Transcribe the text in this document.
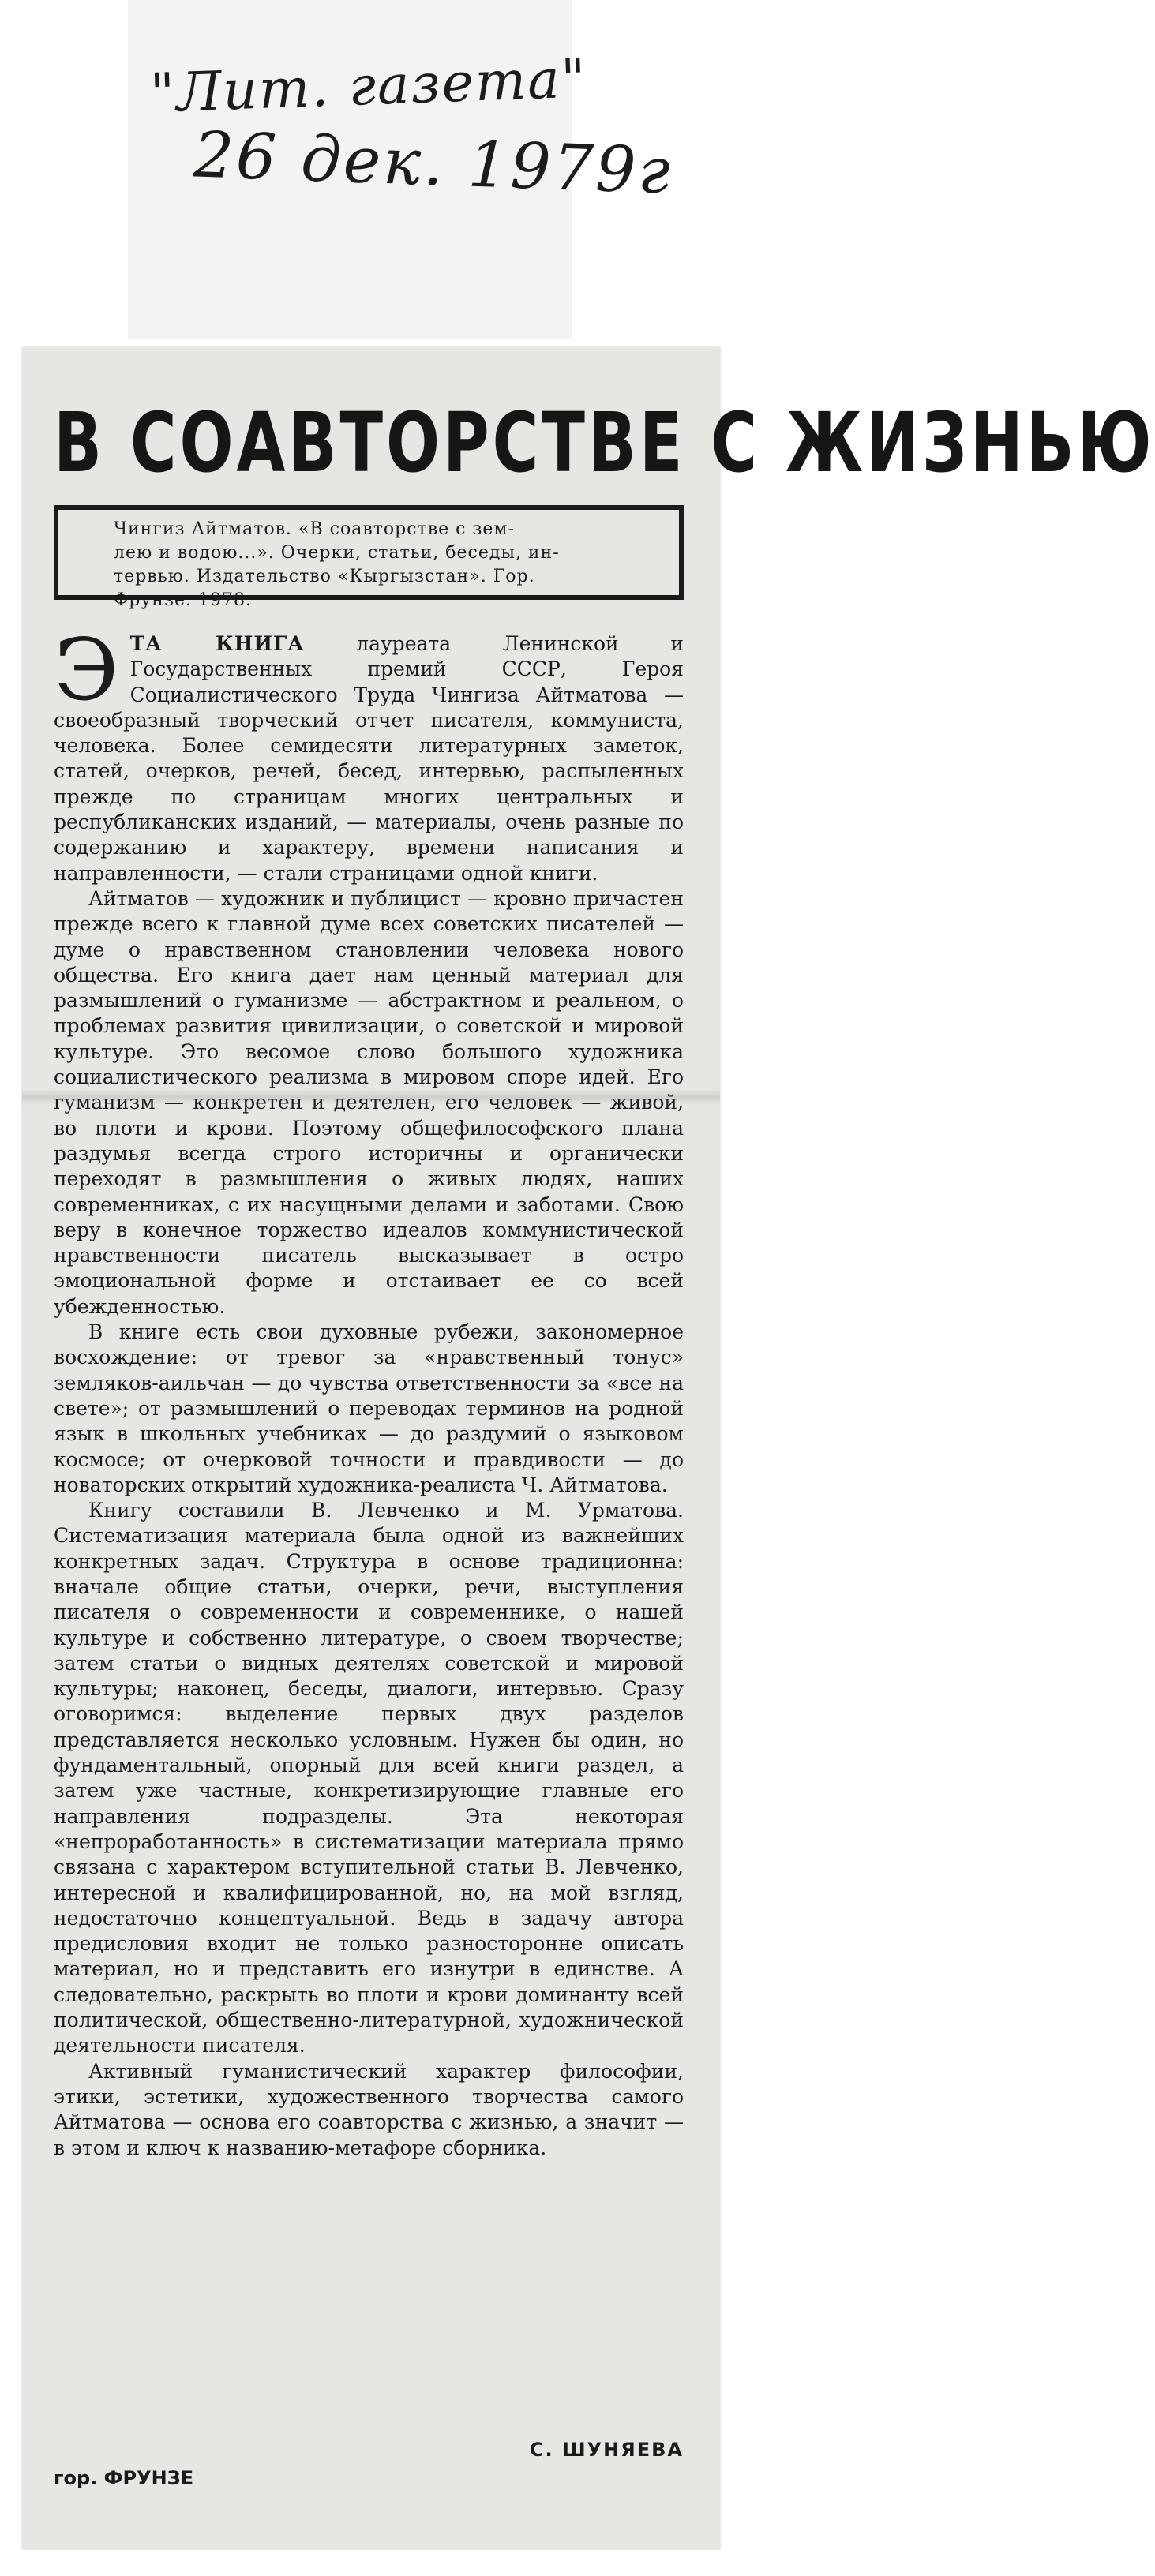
"Лит. газета"
26 дек. 1979г
В СОАВТОРСТВЕ С ЖИЗНЬЮ
Чингиз Айтматов. «В соавторстве с зем-
лею и водою...». Очерки, статьи, беседы, ин-
тервью. Издательство «Кыргызстан». Гор.
Фрунзе. 1978.

ЭТА КНИГА лауреата Ленинской и Государственных премий СССР, Героя Социалистического Труда Чингиза Айтматова — своеобразный творческий отчет писателя, коммуниста, человека. Более семидесяти литературных заметок, статей, очерков, речей, бесед, интервью, распыленных прежде по страницам многих центральных и республиканских изданий, — материалы, очень разные по содержанию и характеру, времени написания и направленности, — стали страницами одной книги.

Айтматов — художник и публицист — кровно причастен прежде всего к главной думе всех советских писателей — думе о нравственном становлении человека нового общества. Его книга дает нам ценный материал для размышлений о гуманизме — абстрактном и реальном, о проблемах развития цивилизации, о советской и мировой культуре. Это весомое слово большого художника социалистического реализма в мировом споре идей. Его гуманизм — конкретен и деятелен, его человек — живой, во плоти и крови. Поэтому общефилософского плана раздумья всегда строго историчны и органически переходят в размышления о живых людях, наших современниках, с их насущными делами и заботами. Свою веру в конечное торжество идеалов коммунистической нравственности писатель высказывает в остро эмоциональной форме и отстаивает ее со всей убежденностью.

В книге есть свои духовные рубежи, закономерное восхождение: от тревог за «нравственный тонус» земляков-аильчан — до чувства ответственности за «все на свете»; от размышлений о переводах терминов на родной язык в школьных учебниках — до раздумий о языковом космосе; от очерковой точности и правдивости — до новаторских открытий художника-реалиста Ч. Айтматова.

Книгу составили В. Левченко и М. Урматова. Систематизация материала была одной из важнейших конкретных задач. Структура в основе традиционна: вначале общие статьи, очерки, речи, выступления писателя о современности и современнике, о нашей культуре и собственно литературе, о своем творчестве; затем статьи о видных деятелях советской и мировой культуры; наконец, беседы, диалоги, интервью. Сразу оговоримся: выделение первых двух разделов представляется несколько условным. Нужен бы один, но фундаментальный, опорный для всей книги раздел, а затем уже частные, конкретизирующие главные его направления подразделы. Эта некоторая «непроработанность» в систематизации материала прямо связана с характером вступительной статьи В. Левченко, интересной и квалифицированной, но, на мой взгляд, недостаточно концептуальной. Ведь в задачу автора предисловия входит не только разносторонне описать материал, но и представить его изнутри в единстве. А следовательно, раскрыть во плоти и крови доминанту всей политической, общественно-литературной, художнической деятельности писателя.

Активный гуманистический характер философии, этики, эстетики, художественного творчества самого Айтматова — основа его соавторства с жизнью, а значит — в этом и ключ к названию-метафоре сборника.

гор. ФРУНЗЕ
С. ШУНЯЕВА
